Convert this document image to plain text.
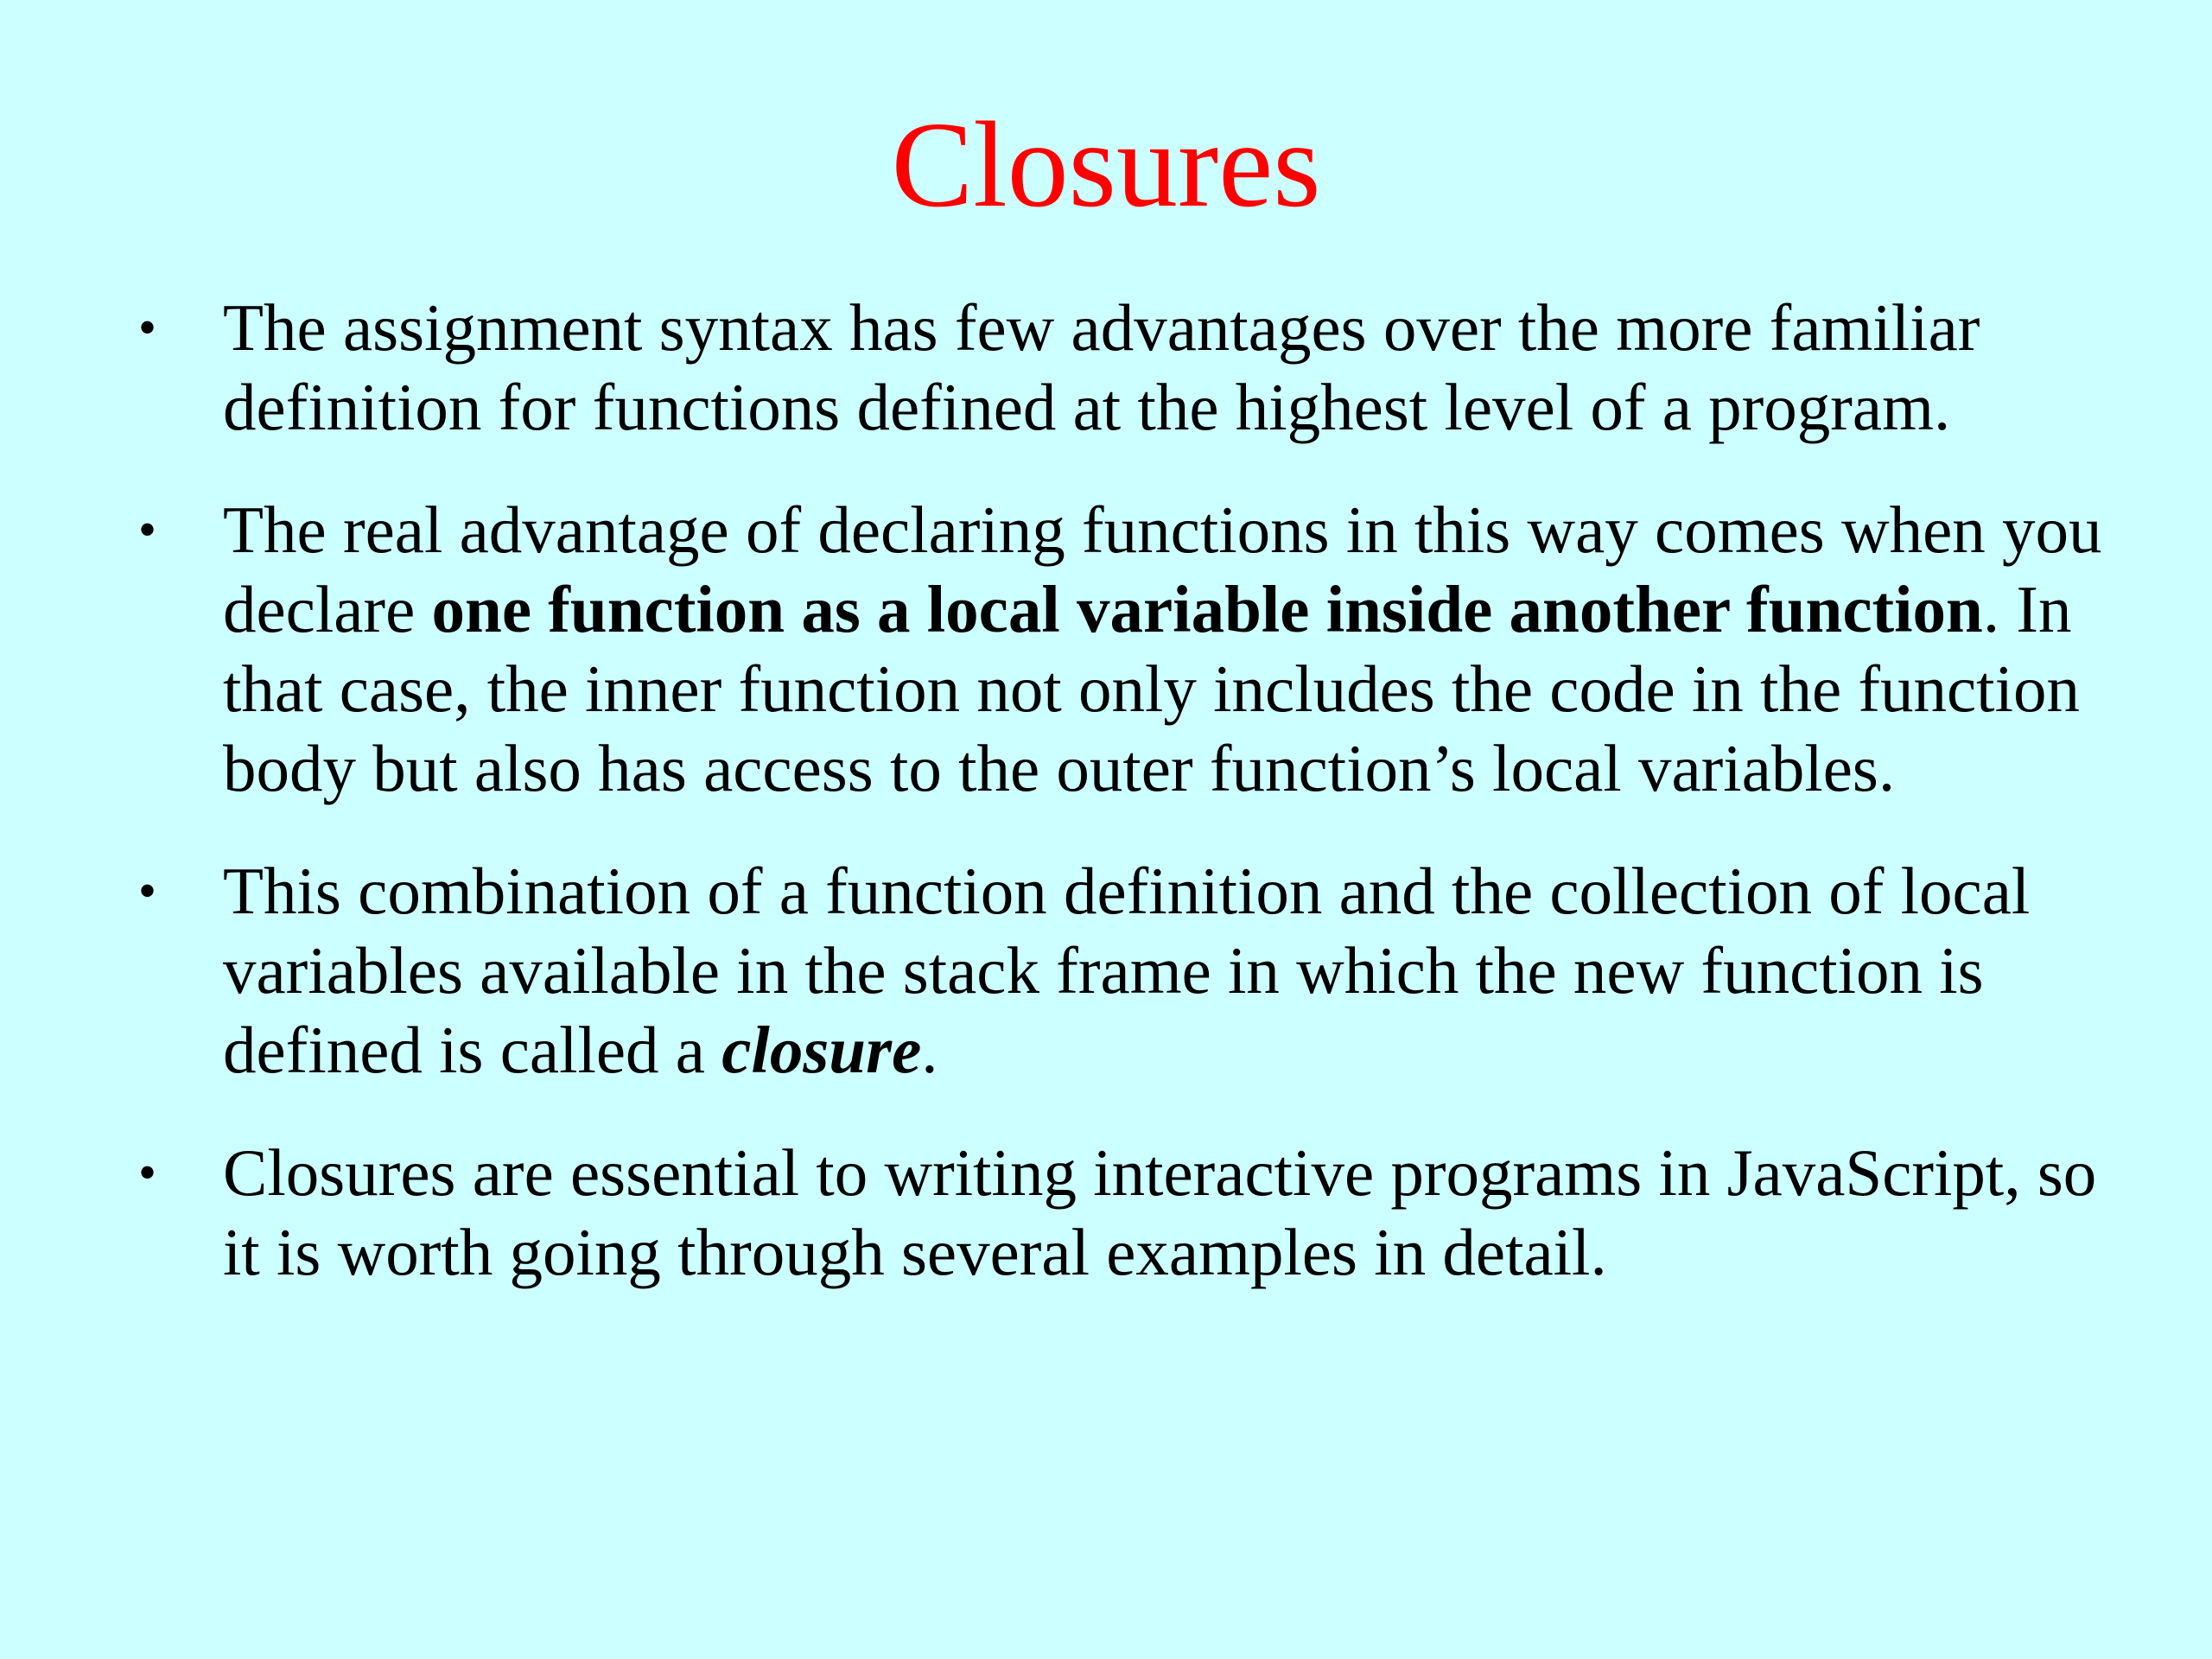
Closures
• The assignment syntax has few advantages over the more familiar definition for functions defined at the highest level of a program.
• The real advantage of declaring functions in this way comes when you declare one function as a local variable inside another function. In that case, the inner function not only includes the code in the function body but also has access to the outer function’s local variables.
• This combination of a function definition and the collection of local variables available in the stack frame in which the new function is defined is called a closure.
• Closures are essential to writing interactive programs in JavaScript, so it is worth going through several examples in detail.
